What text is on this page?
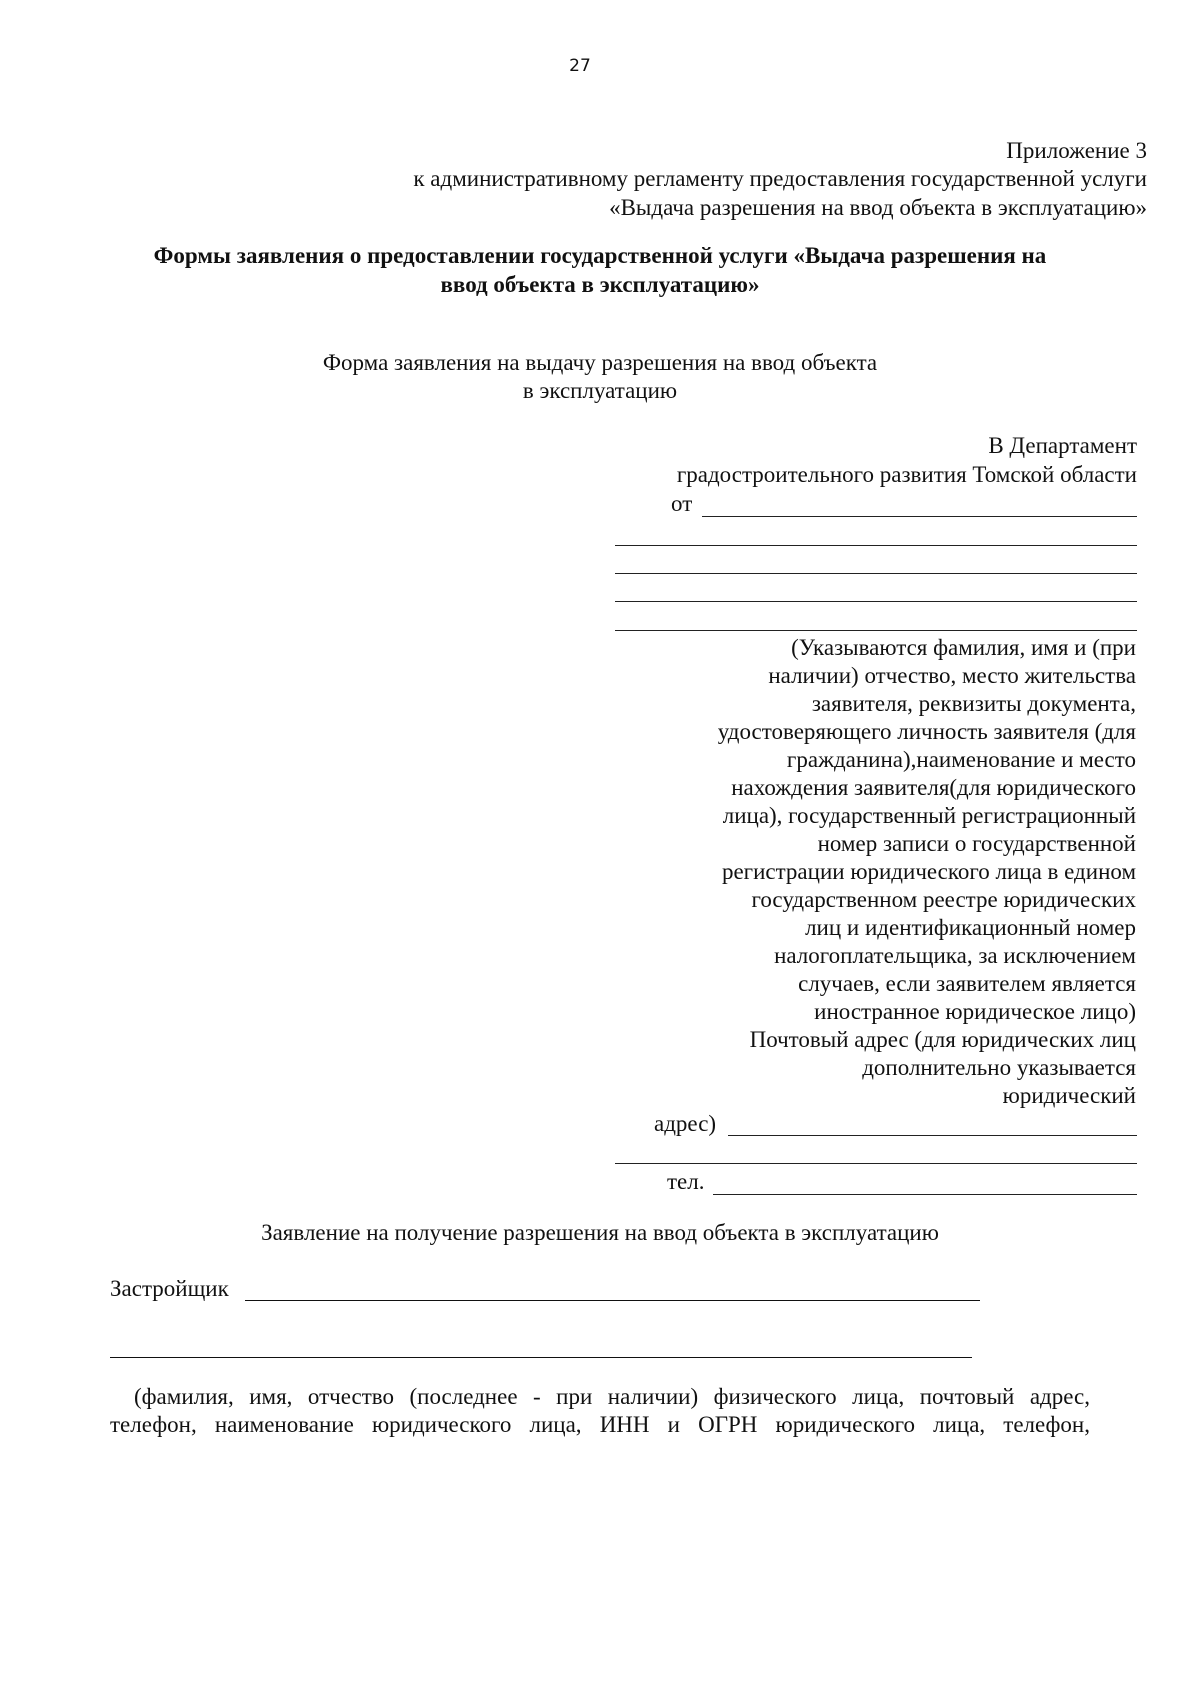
27
Приложение 3
к административному регламенту предоставления государственной услуги
«Выдача разрешения на ввод объекта в эксплуатацию»
Формы заявления о предоставлении государственной услуги «Выдача разрешения на
ввод объекта в эксплуатацию»
Форма заявления на выдачу разрешения на ввод объекта
в эксплуатацию
В Департамент
градостроительного развития Томской области
от
(Указываются фамилия, имя и (при
наличии) отчество, место жительства
заявителя, реквизиты документа,
удостоверяющего личность заявителя (для
гражданина),наименование и место
нахождения заявителя(для юридического
лица), государственный регистрационный
номер записи о государственной
регистрации юридического лица в едином
государственном реестре юридических
лиц и идентификационный номер
налогоплательщика, за исключением
случаев, если заявителем является
иностранное юридическое лицо)
Почтовый адрес (для юридических лиц
дополнительно указывается
юридический
адрес)
тел.
Заявление на получение разрешения на ввод объекта в эксплуатацию
Застройщик
(фамилия, имя, отчество (последнее - при наличии) физического лица, почтовый адрес,
телефон, наименование юридического лица, ИНН и ОГРН юридического лица, телефон,
